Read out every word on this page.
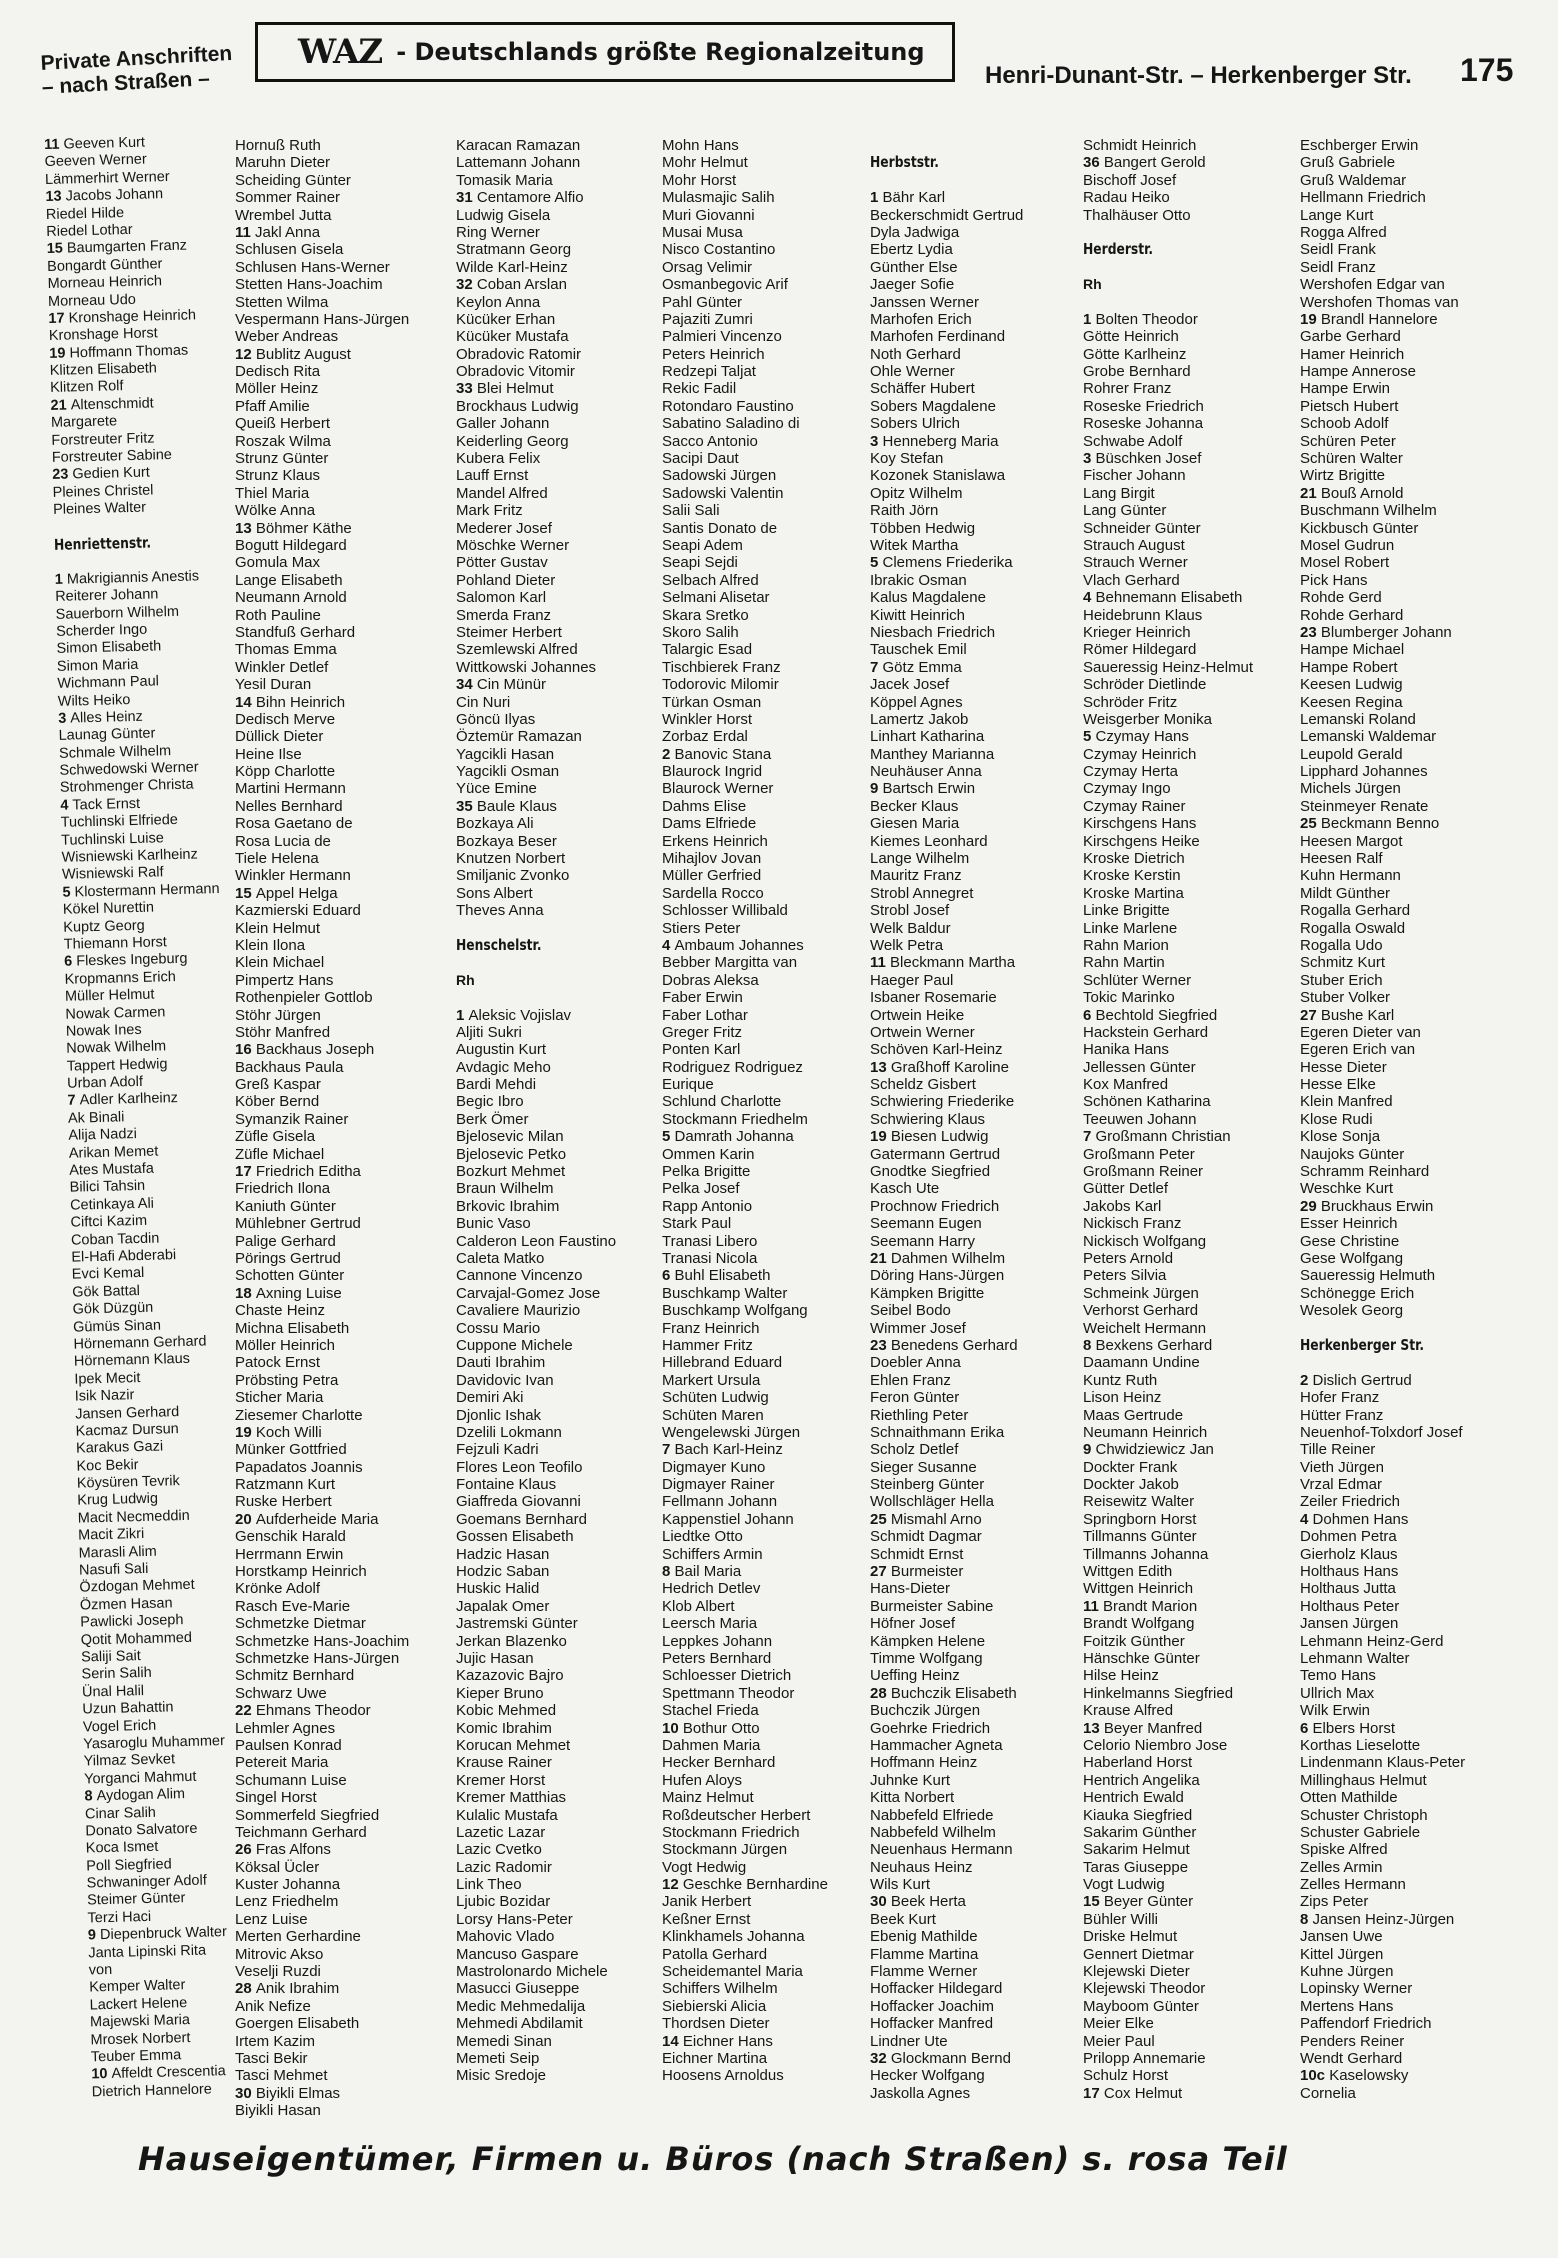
Private Anschriften
– nach Straßen –
WAZ - Deutschlands größte Regionalzeitung
Henri-Dunant-Str. – Herkenberger Str. 175
11 Geeven Kurt
Geeven Werner
Lämmerhirt Werner
13 Jacobs Johann
Riedel Hilde
Riedel Lothar
15 Baumgarten Franz
Bongardt Günther
Morneau Heinrich
Morneau Udo
17 Kronshage Heinrich
Kronshage Horst
19 Hoffmann Thomas
Klitzen Elisabeth
Klitzen Rolf
21 Altenschmidt
Margarete
Forstreuter Fritz
Forstreuter Sabine
23 Gedien Kurt
Pleines Christel
Pleines Walter
Henriettenstr.
1 Makrigiannis Anestis
Reiterer Johann
Sauerborn Wilhelm
Scherder Ingo
Simon Elisabeth
Simon Maria
Wichmann Paul
Wilts Heiko
3 Alles Heinz
Launag Günter
Schmale Wilhelm
Schwedowski Werner
Strohmenger Christa
4 Tack Ernst
Tuchlinski Elfriede
Tuchlinski Luise
Wisniewski Karlheinz
Wisniewski Ralf
5 Klostermann Hermann
Kökel Nurettin
Kuptz Georg
Thiemann Horst
6 Fleskes Ingeburg
Kropmanns Erich
Müller Helmut
Nowak Carmen
Nowak Ines
Nowak Wilhelm
Tappert Hedwig
Urban Adolf
7 Adler Karlheinz
Ak Binali
Alija Nadzi
Arikan Memet
Ates Mustafa
Bilici Tahsin
Cetinkaya Ali
Ciftci Kazim
Coban Tacdin
El-Hafi Abderabi
Evci Kemal
Gök Battal
Gök Düzgün
Gümüs Sinan
Hörnemann Gerhard
Hörnemann Klaus
Ipek Mecit
Isik Nazir
Jansen Gerhard
Kacmaz Dursun
Karakus Gazi
Koc Bekir
Köysüren Tevrik
Krug Ludwig
Macit Necmeddin
Macit Zikri
Marasli Alim
Nasufi Sali
Özdogan Mehmet
Özmen Hasan
Pawlicki Joseph
Qotit Mohammed
Saliji Sait
Serin Salih
Ünal Halil
Uzun Bahattin
Vogel Erich
Yasaroglu Muhammer
Yilmaz Sevket
Yorganci Mahmut
8 Aydogan Alim
Cinar Salih
Donato Salvatore
Koca Ismet
Poll Siegfried
Schwaninger Adolf
Steimer Günter
Terzi Haci
9 Diepenbruck Walter
Janta Lipinski Rita
von
Kemper Walter
Lackert Helene
Majewski Maria
Mrosek Norbert
Teuber Emma
10 Affeldt Crescentia
Dietrich Hannelore
Hornuß Ruth
Maruhn Dieter
Scheiding Günter
Sommer Rainer
Wrembel Jutta
11 Jakl Anna
Schlusen Gisela
Schlusen Hans-Werner
Stetten Hans-Joachim
Stetten Wilma
Vespermann Hans-Jürgen
Weber Andreas
12 Bublitz August
Dedisch Rita
Möller Heinz
Pfaff Amilie
Queiß Herbert
Roszak Wilma
Strunz Günter
Strunz Klaus
Thiel Maria
Wölke Anna
13 Böhmer Käthe
Bogutt Hildegard
Gomula Max
Lange Elisabeth
Neumann Arnold
Roth Pauline
Standfuß Gerhard
Thomas Emma
Winkler Detlef
Yesil Duran
14 Bihn Heinrich
Dedisch Merve
Düllick Dieter
Heine Ilse
Köpp Charlotte
Martini Hermann
Nelles Bernhard
Rosa Gaetano de
Rosa Lucia de
Tiele Helena
Winkler Hermann
15 Appel Helga
Kazmierski Eduard
Klein Helmut
Klein Ilona
Klein Michael
Pimpertz Hans
Rothenpieler Gottlob
Stöhr Jürgen
Stöhr Manfred
16 Backhaus Joseph
Backhaus Paula
Greß Kaspar
Köber Bernd
Symanzik Rainer
Züfle Gisela
Züfle Michael
17 Friedrich Editha
Friedrich Ilona
Kaniuth Günter
Mühlebner Gertrud
Palige Gerhard
Pörings Gertrud
Schotten Günter
18 Axning Luise
Chaste Heinz
Michna Elisabeth
Möller Heinrich
Patock Ernst
Pröbsting Petra
Sticher Maria
Ziesemer Charlotte
19 Koch Willi
Münker Gottfried
Papadatos Joannis
Ratzmann Kurt
Ruske Herbert
20 Aufderheide Maria
Genschik Harald
Herrmann Erwin
Horstkamp Heinrich
Krönke Adolf
Rasch Eve-Marie
Schmetzke Dietmar
Schmetzke Hans-Joachim
Schmetzke Hans-Jürgen
Schmitz Bernhard
Schwarz Uwe
22 Ehmans Theodor
Lehmler Agnes
Paulsen Konrad
Petereit Maria
Schumann Luise
Singel Horst
Sommerfeld Siegfried
Teichmann Gerhard
26 Fras Alfons
Köksal Ücler
Kuster Johanna
Lenz Friedhelm
Lenz Luise
Merten Gerhardine
Mitrovic Akso
Veselji Ruzdi
28 Anik Ibrahim
Anik Nefize
Goergen Elisabeth
Irtem Kazim
Tasci Bekir
Tasci Mehmet
30 Biyikli Elmas
Biyikli Hasan
Karacan Ramazan
Lattemann Johann
Tomasik Maria
31 Centamore Alfio
Ludwig Gisela
Ring Werner
Stratmann Georg
Wilde Karl-Heinz
32 Coban Arslan
Keylon Anna
Kücüker Erhan
Kücüker Mustafa
Obradovic Ratomir
Obradovic Vitomir
33 Blei Helmut
Brockhaus Ludwig
Galler Johann
Keiderling Georg
Kubera Felix
Lauff Ernst
Mandel Alfred
Mark Fritz
Mederer Josef
Möschke Werner
Pötter Gustav
Pohland Dieter
Salomon Karl
Smerda Franz
Steimer Herbert
Szemlewski Alfred
Wittkowski Johannes
34 Cin Münür
Cin Nuri
Göncü Ilyas
Öztemür Ramazan
Yagcikli Hasan
Yagcikli Osman
Yüce Emine
35 Baule Klaus
Bozkaya Ali
Bozkaya Beser
Knutzen Norbert
Smiljanic Zvonko
Sons Albert
Theves Anna
Henschelstr.
Rh
1 Aleksic Vojislav
Aljiti Sukri
Augustin Kurt
Avdagic Meho
Bardi Mehdi
Begic Ibro
Berk Ömer
Bjelosevic Milan
Bjelosevic Petko
Bozkurt Mehmet
Braun Wilhelm
Brkovic Ibrahim
Bunic Vaso
Calderon Leon Faustino
Caleta Matko
Cannone Vincenzo
Carvajal-Gomez Jose
Cavaliere Maurizio
Cossu Mario
Cuppone Michele
Dauti Ibrahim
Davidovic Ivan
Demiri Aki
Djonlic Ishak
Dzelili Lokmann
Fejzuli Kadri
Flores Leon Teofilo
Fontaine Klaus
Giaffreda Giovanni
Goemans Bernhard
Gossen Elisabeth
Hadzic Hasan
Hodzic Saban
Huskic Halid
Japalak Omer
Jastremski Günter
Jerkan Blazenko
Jujic Hasan
Kazazovic Bajro
Kieper Bruno
Kobic Mehmed
Komic Ibrahim
Korucan Mehmet
Krause Rainer
Kremer Horst
Kremer Matthias
Kulalic Mustafa
Lazetic Lazar
Lazic Cvetko
Lazic Radomir
Link Theo
Ljubic Bozidar
Lorsy Hans-Peter
Mahovic Vlado
Mancuso Gaspare
Mastrolonardo Michele
Masucci Giuseppe
Medic Mehmedalija
Mehmedi Abdilamit
Memedi Sinan
Memeti Seip
Misic Sredoje
Mohn Hans
Mohr Helmut
Mohr Horst
Mulasmajic Salih
Muri Giovanni
Musai Musa
Nisco Costantino
Orsag Velimir
Osmanbegovic Arif
Pahl Günter
Pajaziti Zumri
Palmieri Vincenzo
Peters Heinrich
Redzepi Taljat
Rekic Fadil
Rotondaro Faustino
Sabatino Saladino di
Sacco Antonio
Sacipi Daut
Sadowski Jürgen
Sadowski Valentin
Salii Sali
Santis Donato de
Seapi Adem
Seapi Sejdi
Selbach Alfred
Selmani Alisetar
Skara Sretko
Skoro Salih
Talargic Esad
Tischbierek Franz
Todorovic Milomir
Türkan Osman
Winkler Horst
Zorbaz Erdal
2 Banovic Stana
Blaurock Ingrid
Blaurock Werner
Dahms Elise
Dams Elfriede
Erkens Heinrich
Mihajlov Jovan
Müller Gerfried
Sardella Rocco
Schlosser Willibald
Stiers Peter
4 Ambaum Johannes
Bebber Margitta van
Dobras Aleksa
Faber Erwin
Faber Lothar
Greger Fritz
Ponten Karl
Rodriguez Rodriguez
Eurique
Schlund Charlotte
Stockmann Friedhelm
5 Damrath Johanna
Ommen Karin
Pelka Brigitte
Pelka Josef
Rapp Antonio
Stark Paul
Tranasi Libero
Tranasi Nicola
6 Buhl Elisabeth
Buschkamp Walter
Buschkamp Wolfgang
Franz Heinrich
Hammer Fritz
Hillebrand Eduard
Markert Ursula
Schüten Ludwig
Schüten Maren
Wengelewski Jürgen
7 Bach Karl-Heinz
Digmayer Kuno
Digmayer Rainer
Fellmann Johann
Kappenstiel Johann
Liedtke Otto
Schiffers Armin
8 Bail Maria
Hedrich Detlev
Klob Albert
Leersch Maria
Leppkes Johann
Peters Bernhard
Schloesser Dietrich
Spettmann Theodor
Stachel Frieda
10 Bothur Otto
Dahmen Maria
Hecker Bernhard
Hufen Aloys
Mainz Helmut
Roßdeutscher Herbert
Stockmann Friedrich
Stockmann Jürgen
Vogt Hedwig
12 Geschke Bernhardine
Janik Herbert
Keßner Ernst
Klinkhamels Johanna
Patolla Gerhard
Scheidemantel Maria
Schiffers Wilhelm
Siebierski Alicia
Thordsen Dieter
14 Eichner Hans
Eichner Martina
Hoosens Arnoldus
Herbststr.
1 Bähr Karl
Beckerschmidt Gertrud
Dyla Jadwiga
Ebertz Lydia
Günther Else
Jaeger Sofie
Janssen Werner
Marhofen Erich
Marhofen Ferdinand
Noth Gerhard
Ohle Werner
Schäffer Hubert
Sobers Magdalene
Sobers Ulrich
3 Henneberg Maria
Koy Stefan
Kozonek Stanislawa
Opitz Wilhelm
Raith Jörn
Többen Hedwig
Witek Martha
5 Clemens Friederika
Ibrakic Osman
Kalus Magdalene
Kiwitt Heinrich
Niesbach Friedrich
Tauschek Emil
7 Götz Emma
Jacek Josef
Köppel Agnes
Lamertz Jakob
Linhart Katharina
Manthey Marianna
Neuhäuser Anna
9 Bartsch Erwin
Becker Klaus
Giesen Maria
Kiemes Leonhard
Lange Wilhelm
Mauritz Franz
Strobl Annegret
Strobl Josef
Welk Baldur
Welk Petra
11 Bleckmann Martha
Haeger Paul
Isbaner Rosemarie
Ortwein Heike
Ortwein Werner
Schöven Karl-Heinz
13 Graßhoff Karoline
Scheldz Gisbert
Schwiering Friederike
Schwiering Klaus
19 Biesen Ludwig
Gatermann Gertrud
Gnodtke Siegfried
Kasch Ute
Prochnow Friedrich
Seemann Eugen
Seemann Harry
21 Dahmen Wilhelm
Döring Hans-Jürgen
Kämpken Brigitte
Seibel Bodo
Wimmer Josef
23 Benedens Gerhard
Doebler Anna
Ehlen Franz
Feron Günter
Riethling Peter
Schnaithmann Erika
Scholz Detlef
Sieger Susanne
Steinberg Günter
Wollschläger Hella
25 Mismahl Arno
Schmidt Dagmar
Schmidt Ernst
27 Burmeister
Hans-Dieter
Burmeister Sabine
Höfner Josef
Kämpken Helene
Timme Wolfgang
Ueffing Heinz
28 Buchczik Elisabeth
Buchczik Jürgen
Goehrke Friedrich
Hammacher Agneta
Hoffmann Heinz
Juhnke Kurt
Kitta Norbert
Nabbefeld Elfriede
Nabbefeld Wilhelm
Neuenhaus Hermann
Neuhaus Heinz
Wils Kurt
30 Beek Herta
Beek Kurt
Ebenig Mathilde
Flamme Martina
Flamme Werner
Hoffacker Hildegard
Hoffacker Joachim
Hoffacker Manfred
Lindner Ute
32 Glockmann Bernd
Hecker Wolfgang
Jaskolla Agnes
Schmidt Heinrich
36 Bangert Gerold
Bischoff Josef
Radau Heiko
Thalhäuser Otto
Herderstr.
Rh
1 Bolten Theodor
Götte Heinrich
Götte Karlheinz
Grobe Bernhard
Rohrer Franz
Roseske Friedrich
Roseske Johanna
Schwabe Adolf
3 Büschken Josef
Fischer Johann
Lang Birgit
Lang Günter
Schneider Günter
Strauch August
Strauch Werner
Vlach Gerhard
4 Behnemann Elisabeth
Heidebrunn Klaus
Krieger Heinrich
Römer Hildegard
Saueressig Heinz-Helmut
Schröder Dietlinde
Schröder Fritz
Weisgerber Monika
5 Czymay Hans
Czymay Heinrich
Czymay Herta
Czymay Ingo
Czymay Rainer
Kirschgens Hans
Kirschgens Heike
Kroske Dietrich
Kroske Kerstin
Kroske Martina
Linke Brigitte
Linke Marlene
Rahn Marion
Rahn Martin
Schlüter Werner
Tokic Marinko
6 Bechtold Siegfried
Hackstein Gerhard
Hanika Hans
Jellessen Günter
Kox Manfred
Schönen Katharina
Teeuwen Johann
7 Großmann Christian
Großmann Peter
Großmann Reiner
Gütter Detlef
Jakobs Karl
Nickisch Franz
Nickisch Wolfgang
Peters Arnold
Peters Silvia
Schmeink Jürgen
Verhorst Gerhard
Weichelt Hermann
8 Bexkens Gerhard
Daamann Undine
Kuntz Ruth
Lison Heinz
Maas Gertrude
Neumann Heinrich
9 Chwidziewicz Jan
Dockter Frank
Dockter Jakob
Reisewitz Walter
Springborn Horst
Tillmanns Günter
Tillmanns Johanna
Wittgen Edith
Wittgen Heinrich
11 Brandt Marion
Brandt Wolfgang
Foitzik Günther
Hänschke Günter
Hilse Heinz
Hinkelmanns Siegfried
Krause Alfred
13 Beyer Manfred
Celorio Niembro Jose
Haberland Horst
Hentrich Angelika
Hentrich Ewald
Kiauka Siegfried
Sakarim Günther
Sakarim Helmut
Taras Giuseppe
Vogt Ludwig
15 Beyer Günter
Bühler Willi
Driske Helmut
Gennert Dietmar
Klejewski Dieter
Klejewski Theodor
Mayboom Günter
Meier Elke
Meier Paul
Prilopp Annemarie
Schulz Horst
17 Cox Helmut
Eschberger Erwin
Gruß Gabriele
Gruß Waldemar
Hellmann Friedrich
Lange Kurt
Rogga Alfred
Seidl Frank
Seidl Franz
Wershofen Edgar van
Wershofen Thomas van
19 Brandl Hannelore
Garbe Gerhard
Hamer Heinrich
Hampe Annerose
Hampe Erwin
Pietsch Hubert
Schoob Adolf
Schüren Peter
Schüren Walter
Wirtz Brigitte
21 Bouß Arnold
Buschmann Wilhelm
Kickbusch Günter
Mosel Gudrun
Mosel Robert
Pick Hans
Rohde Gerd
Rohde Gerhard
23 Blumberger Johann
Hampe Michael
Hampe Robert
Keesen Ludwig
Keesen Regina
Lemanski Roland
Lemanski Waldemar
Leupold Gerald
Lipphard Johannes
Michels Jürgen
Steinmeyer Renate
25 Beckmann Benno
Heesen Margot
Heesen Ralf
Kuhn Hermann
Mildt Günther
Rogalla Gerhard
Rogalla Oswald
Rogalla Udo
Schmitz Kurt
Stuber Erich
Stuber Volker
27 Bushe Karl
Egeren Dieter van
Egeren Erich van
Hesse Dieter
Hesse Elke
Klein Manfred
Klose Rudi
Klose Sonja
Naujoks Günter
Schramm Reinhard
Weschke Kurt
29 Bruckhaus Erwin
Esser Heinrich
Gese Christine
Gese Wolfgang
Saueressig Helmuth
Schönegge Erich
Wesolek Georg
Herkenberger Str.
2 Dislich Gertrud
Hofer Franz
Hütter Franz
Neuenhof-Tolxdorf Josef
Tille Reiner
Vieth Jürgen
Vrzal Edmar
Zeiler Friedrich
4 Dohmen Hans
Dohmen Petra
Gierholz Klaus
Holthaus Hans
Holthaus Jutta
Holthaus Peter
Jansen Jürgen
Lehmann Heinz-Gerd
Lehmann Walter
Temo Hans
Ullrich Max
Wilk Erwin
6 Elbers Horst
Korthas Lieselotte
Lindenmann Klaus-Peter
Millinghaus Helmut
Otten Mathilde
Schuster Christoph
Schuster Gabriele
Spiske Alfred
Zelles Armin
Zelles Hermann
Zips Peter
8 Jansen Heinz-Jürgen
Jansen Uwe
Kittel Jürgen
Kuhne Jürgen
Lopinsky Werner
Mertens Hans
Paffendorf Friedrich
Penders Reiner
Wendt Gerhard
10c Kaselowsky
Cornelia
Hauseigentümer, Firmen u. Büros (nach Straßen) s. rosa Teil
